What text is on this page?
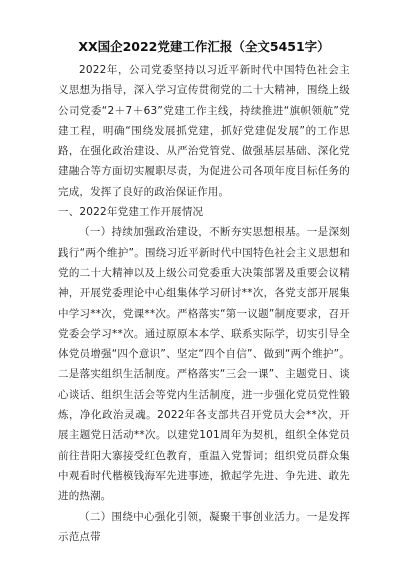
XX国企2022党建工作汇报（全文5451字）

2022年，公司党委坚持以习近平新时代中国特色社会主义思想为指导，深入学习宣传贯彻党的二十大精神，围绕上级公司党委“2＋7＋63”党建工作主线，持续推进“旗帜领航”党建工程，明确“围绕发展抓党建，抓好党建促发展”的工作思路，在强化政治建设、从严治党管党、做强基层基础、深化党建融合等方面切实履职尽责，为促进公司各项年度目标任务的完成，发挥了良好的政治保证作用。

一、2022年党建工作开展情况

（一）持续加强政治建设，不断夯实思想根基。一是深刻践行“两个维护”。围绕习近平新时代中国特色社会主义思想和党的二十大精神以及上级公司党委重大决策部署及重要会议精神，开展党委理论中心组集体学习研讨**次，各党支部开展集中学习**次，党课**次。严格落实“第一议题”制度要求，召开党委会学习**次。通过原原本本学、联系实际学，切实引导全体党员增强“四个意识”、坚定“四个自信”、做到“两个维护”。二是落实组织生活制度。严格落实“三会一课”、主题党日、谈心谈话、组织生活会等党内生活制度，进一步强化党员党性锻炼，净化政治灵魂。2022年各支部共召开党员大会**次，开展主题党日活动**次。以建党101周年为契机，组织全体党员前往昔阳大寨接受红色教育，重温入党誓词；组织党员群众集中观看时代楷模钱海军先进事迹，掀起学先进、争先进、敢先进的热潮。

（二）围绕中心强化引领，凝聚干事创业活力。一是发挥示范点带
